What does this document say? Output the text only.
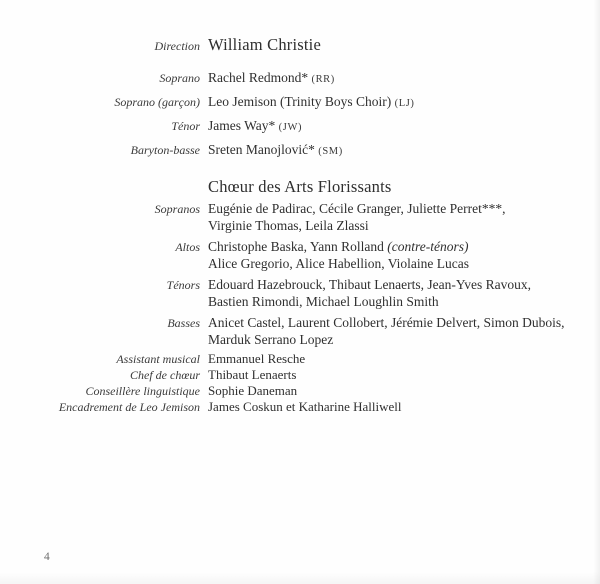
Direction William Christie
Soprano Rachel Redmond* (RR)
Soprano (garçon) Leo Jemison (Trinity Boys Choir) (LJ)
Ténor James Way* (JW)
Baryton-basse Sreten Manojlović* (SM)
Chœur des Arts Florissants
Sopranos Eugénie de Padirac, Cécile Granger, Juliette Perret***,
Virginie Thomas, Leila Zlassi
Altos Christophe Baska, Yann Rolland (contre-ténors)
Alice Gregorio, Alice Habellion, Violaine Lucas
Ténors Edouard Hazebrouck, Thibaut Lenaerts, Jean-Yves Ravoux,
Bastien Rimondi, Michael Loughlin Smith
Basses Anicet Castel, Laurent Collobert, Jérémie Delvert, Simon Dubois,
Marduk Serrano Lopez
Assistant musical Emmanuel Resche
Chef de chœur Thibaut Lenaerts
Conseillère linguistique Sophie Daneman
Encadrement de Leo Jemison James Coskun et Katharine Halliwell
4
